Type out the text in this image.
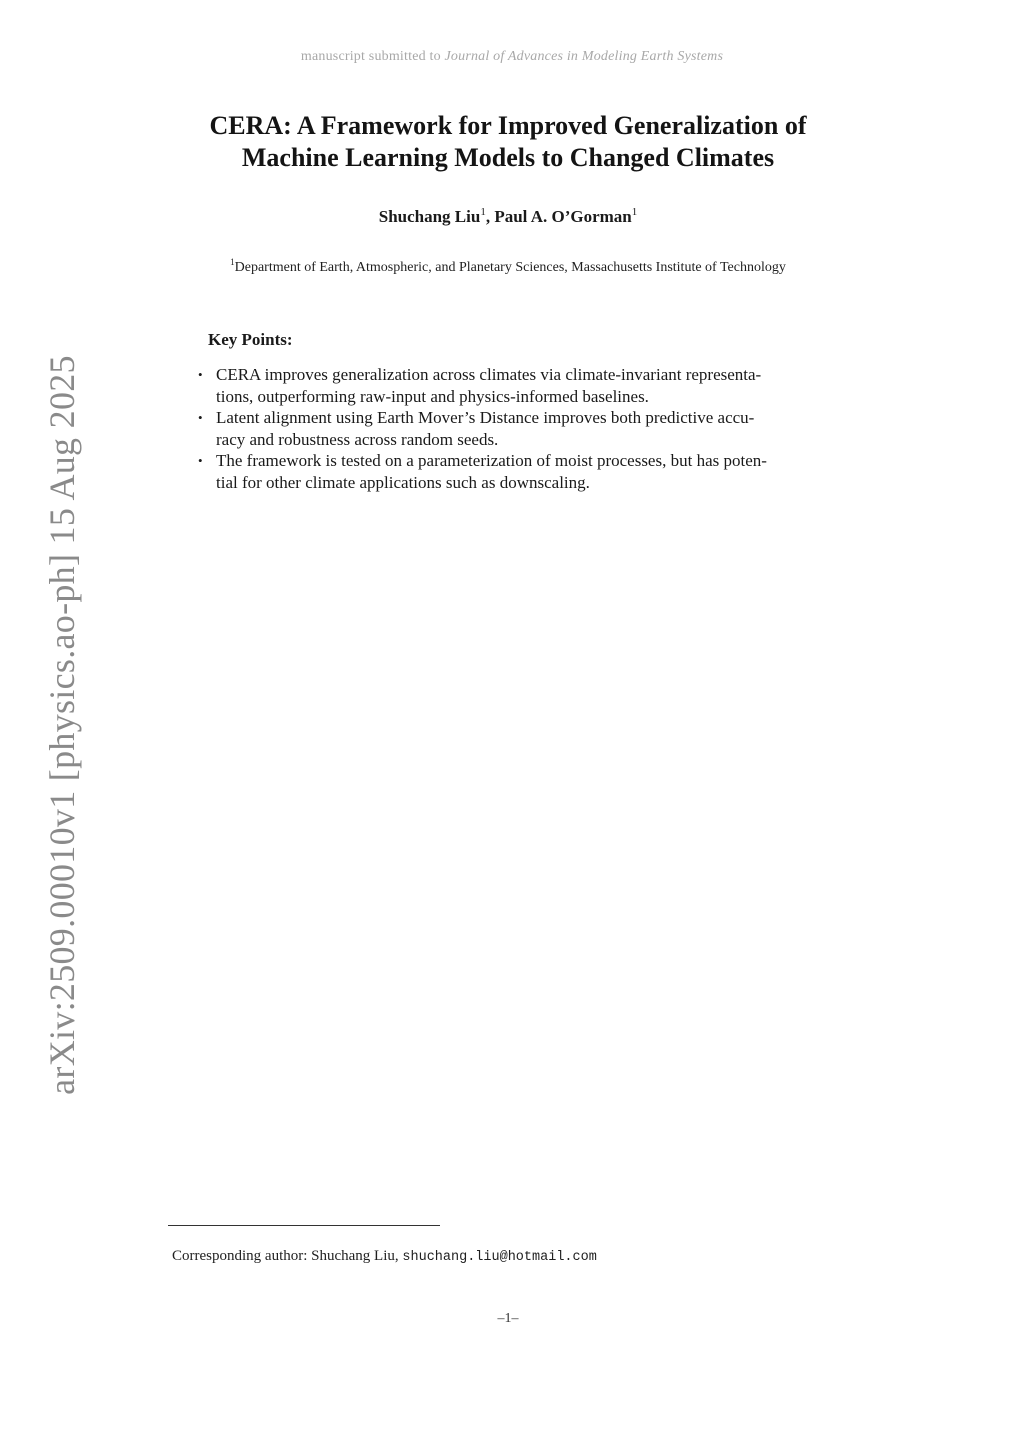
manuscript submitted to Journal of Advances in Modeling Earth Systems
CERA: A Framework for Improved Generalization of
Machine Learning Models to Changed Climates
Shuchang Liu$^1$, Paul A. O’Gorman$^1$
$^1$Department of Earth, Atmospheric, and Planetary Sciences, Massachusetts Institute of Technology
Key Points:
• CERA improves generalization across climates via climate-invariant representa-
tions, outperforming raw-input and physics-informed baselines.
• Latent alignment using Earth Mover’s Distance improves both predictive accu-
racy and robustness across random seeds.
• The framework is tested on a parameterization of moist processes, but has poten-
tial for other climate applications such as downscaling.
arXiv:2509.00010v1 [physics.ao-ph] 15 Aug 2025
Corresponding author: Shuchang Liu, shuchang.liu@hotmail.com
–1–
